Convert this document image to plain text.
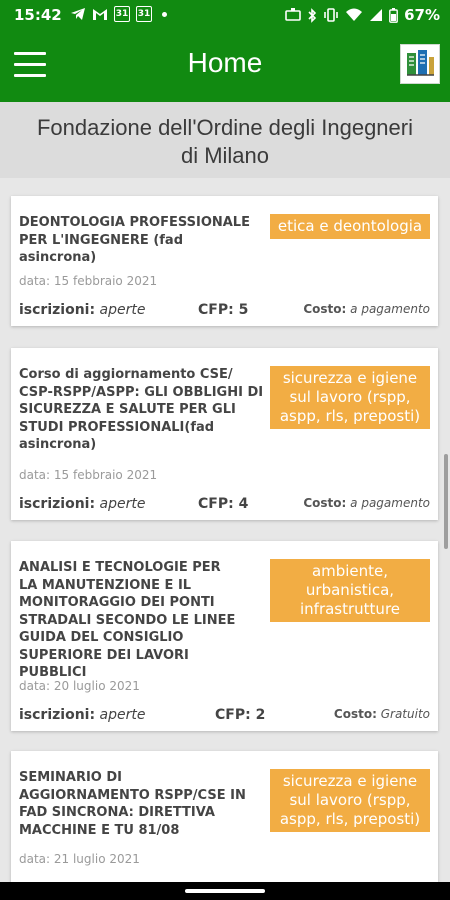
15:42	31 31	67%
Home
Fondazione dell'Ordine degli Ingegneri
di Milano
DEONTOLOGIA PROFESSIONALE PER L'INGEGNERE (fad asincrona)
etica e deontologia
data: 15 febbraio 2021
iscrizioni: aperte	CFP: 5	Costo: a pagamento
Corso di aggiornamento CSE/ CSP-RSPP/ASPP: GLI OBBLIGHI DI SICUREZZA E SALUTE PER GLI STUDI PROFESSIONALI(fad asincrona)
sicurezza e igiene sul lavoro (rspp, aspp, rls, preposti)
data: 15 febbraio 2021
iscrizioni: aperte	CFP: 4	Costo: a pagamento
ANALISI E TECNOLOGIE PER LA MANUTENZIONE E IL MONITORAGGIO DEI PONTI STRADALI SECONDO LE LINEE GUIDA DEL CONSIGLIO SUPERIORE DEI LAVORI PUBBLICI
ambiente, urbanistica, infrastrutture
data: 20 luglio 2021
iscrizioni: aperte	CFP: 2	Costo: Gratuito
SEMINARIO DI AGGIORNAMENTO RSPP/CSE IN FAD SINCRONA: DIRETTIVA MACCHINE E TU 81/08
sicurezza e igiene sul lavoro (rspp, aspp, rls, preposti)
data: 21 luglio 2021
